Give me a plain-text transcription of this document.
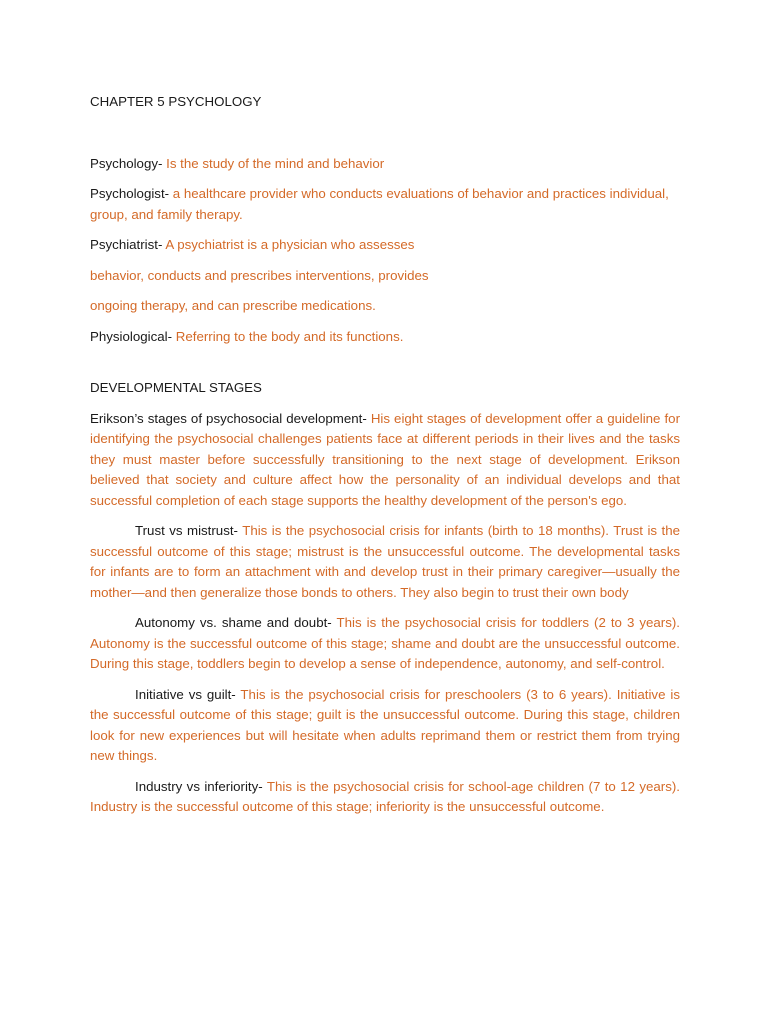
CHAPTER 5 PSYCHOLOGY

Psychology- Is the study of the mind and behavior

Psychologist- a healthcare provider who conducts evaluations of behavior and practices individual, group, and family therapy.

Psychiatrist- A psychiatrist is a physician who assesses

behavior, conducts and prescribes interventions, provides

ongoing therapy, and can prescribe medications.

Physiological- Referring to the body and its functions.

DEVELOPMENTAL STAGES

Erikson’s stages of psychosocial development- His eight stages of development offer a guideline for identifying the psychosocial challenges patients face at different periods in their lives and the tasks they must master before successfully transitioning to the next stage of development. Erikson believed that society and culture affect how the personality of an individual develops and that successful completion of each stage supports the healthy development of the person's ego.

Trust vs mistrust- This is the psychosocial crisis for infants (birth to 18 months). Trust is the successful outcome of this stage; mistrust is the unsuccessful outcome. The developmental tasks for infants are to form an attachment with and develop trust in their primary caregiver—usually the mother—and then generalize those bonds to others. They also begin to trust their own body

Autonomy vs. shame and doubt- This is the psychosocial crisis for toddlers (2 to 3 years). Autonomy is the successful outcome of this stage; shame and doubt are the unsuccessful outcome. During this stage, toddlers begin to develop a sense of independence, autonomy, and self-control.

Initiative vs guilt- This is the psychosocial crisis for preschoolers (3 to 6 years). Initiative is the successful outcome of this stage; guilt is the unsuccessful outcome. During this stage, children look for new experiences but will hesitate when adults reprimand them or restrict them from trying new things.

Industry vs inferiority- This is the psychosocial crisis for school-age children (7 to 12 years). Industry is the successful outcome of this stage; inferiority is the unsuccessful outcome.
